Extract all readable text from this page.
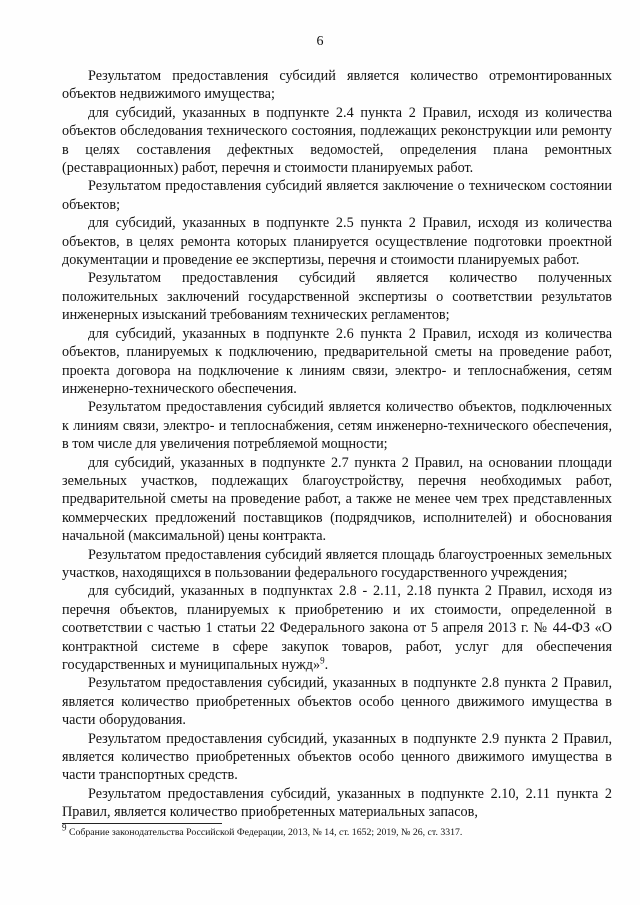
6

Результатом предоставления субсидий является количество отремонтированных объектов недвижимого имущества;

для субсидий, указанных в подпункте 2.4 пункта 2 Правил, исходя из количества объектов обследования технического состояния, подлежащих реконструкции или ремонту в целях составления дефектных ведомостей, определения плана ремонтных (реставрационных) работ, перечня и стоимости планируемых работ.

Результатом предоставления субсидий является заключение о техническом состоянии объектов;

для субсидий, указанных в подпункте 2.5 пункта 2 Правил, исходя из количества объектов, в целях ремонта которых планируется осуществление подготовки проектной документации и проведение ее экспертизы, перечня и стоимости планируемых работ.

Результатом предоставления субсидий является количество полученных положительных заключений государственной экспертизы о соответствии результатов инженерных изысканий требованиям технических регламентов;

для субсидий, указанных в подпункте 2.6 пункта 2 Правил, исходя из количества объектов, планируемых к подключению, предварительной сметы на проведение работ, проекта договора на подключение к линиям связи, электро- и теплоснабжения, сетям инженерно-технического обеспечения.

Результатом предоставления субсидий является количество объектов, подключенных к линиям связи, электро- и теплоснабжения, сетям инженерно-технического обеспечения, в том числе для увеличения потребляемой мощности;

для субсидий, указанных в подпункте 2.7 пункта 2 Правил, на основании площади земельных участков, подлежащих благоустройству, перечня необходимых работ, предварительной сметы на проведение работ, а также не менее чем трех представленных коммерческих предложений поставщиков (подрядчиков, исполнителей) и обоснования начальной (максимальной) цены контракта.

Результатом предоставления субсидий является площадь благоустроенных земельных участков, находящихся в пользовании федерального государственного учреждения;

для субсидий, указанных в подпунктах 2.8 - 2.11, 2.18 пункта 2 Правил, исходя из перечня объектов, планируемых к приобретению и их стоимости, определенной в соответствии с частью 1 статьи 22 Федерального закона от 5 апреля 2013 г. № 44-ФЗ «О контрактной системе в сфере закупок товаров, работ, услуг для обеспечения государственных и муниципальных нужд»$^9$.

Результатом предоставления субсидий, указанных в подпункте 2.8 пункта 2 Правил, является количество приобретенных объектов особо ценного движимого имущества в части оборудования.

Результатом предоставления субсидий, указанных в подпункте 2.9 пункта 2 Правил, является количество приобретенных объектов особо ценного движимого имущества в части транспортных средств.

Результатом предоставления субсидий, указанных в подпункте 2.10, 2.11 пункта 2 Правил, является количество приобретенных материальных запасов,

$^9$ Собрание законодательства Российской Федерации, 2013, № 14, ст. 1652; 2019, № 26, ст. 3317.
